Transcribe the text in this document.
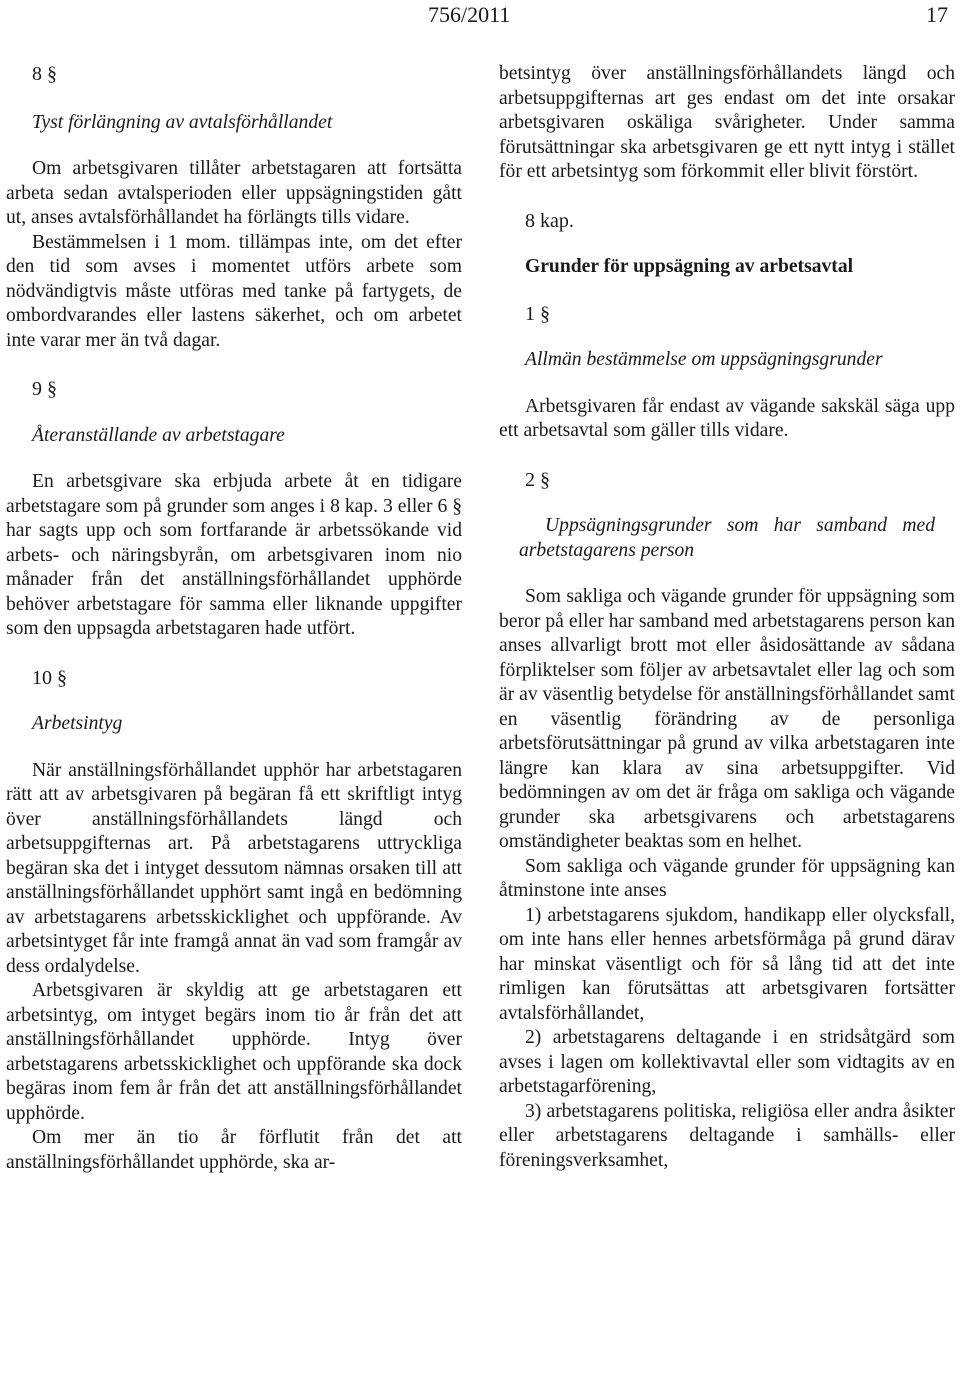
756/2011	17

8 §

Tyst förlängning av avtalsförhållandet

Om arbetsgivaren tillåter arbetstagaren att fortsätta arbeta sedan avtalsperioden eller uppsägningstiden gått ut, anses avtalsförhållandet ha förlängts tills vidare.

Bestämmelsen i 1 mom. tillämpas inte, om det efter den tid som avses i momentet utförs arbete som nödvändigtvis måste utföras med tanke på fartygets, de ombordvarandes eller lastens säkerhet, och om arbetet inte varar mer än två dagar.

9 §

Återanställande av arbetstagare

En arbetsgivare ska erbjuda arbete åt en tidigare arbetstagare som på grunder som anges i 8 kap. 3 eller 6 § har sagts upp och som fortfarande är arbetssökande vid arbets- och näringsbyrån, om arbetsgivaren inom nio månader från det anställningsförhållandet upphörde behöver arbetstagare för samma eller liknande uppgifter som den uppsagda arbetstagaren hade utfört.

10 §

Arbetsintyg

När anställningsförhållandet upphör har arbetstagaren rätt att av arbetsgivaren på begäran få ett skriftligt intyg över anställningsförhållandets längd och arbetsuppgifternas art. På arbetstagarens uttryckliga begäran ska det i intyget dessutom nämnas orsaken till att anställningsförhållandet upphört samt ingå en bedömning av arbetstagarens arbetsskicklighet och uppförande. Av arbetsintyget får inte framgå annat än vad som framgår av dess ordalydelse.

Arbetsgivaren är skyldig att ge arbetstagaren ett arbetsintyg, om intyget begärs inom tio år från det att anställningsförhållandet upphörde. Intyg över arbetstagarens arbetsskicklighet och uppförande ska dock begäras inom fem år från det att anställningsförhållandet upphörde.

Om mer än tio år förflutit från det att anställningsförhållandet upphörde, ska ar-

betsintyg över anställningsförhållandets längd och arbetsuppgifternas art ges endast om det inte orsakar arbetsgivaren oskäliga svårigheter. Under samma förutsättningar ska arbetsgivaren ge ett nytt intyg i stället för ett arbetsintyg som förkommit eller blivit förstört.

8 kap.

Grunder för uppsägning av arbetsavtal

1 §

Allmän bestämmelse om uppsägningsgrunder

Arbetsgivaren får endast av vägande sakskäl säga upp ett arbetsavtal som gäller tills vidare.

2 §

Uppsägningsgrunder som har samband med arbetstagarens person

Som sakliga och vägande grunder för uppsägning som beror på eller har samband med arbetstagarens person kan anses allvarligt brott mot eller åsidosättande av sådana förpliktelser som följer av arbetsavtalet eller lag och som är av väsentlig betydelse för anställningsförhållandet samt en väsentlig förändring av de personliga arbetsförutsättningar på grund av vilka arbetstagaren inte längre kan klara av sina arbetsuppgifter. Vid bedömningen av om det är fråga om sakliga och vägande grunder ska arbetsgivarens och arbetstagarens omständigheter beaktas som en helhet.

Som sakliga och vägande grunder för uppsägning kan åtminstone inte anses

1) arbetstagarens sjukdom, handikapp eller olycksfall, om inte hans eller hennes arbetsförmåga på grund därav har minskat väsentligt och för så lång tid att det inte rimligen kan förutsättas att arbetsgivaren fortsätter avtalsförhållandet,

2) arbetstagarens deltagande i en stridsåtgärd som avses i lagen om kollektivavtal eller som vidtagits av en arbetstagarförening,

3) arbetstagarens politiska, religiösa eller andra åsikter eller arbetstagarens deltagande i samhälls- eller föreningsverksamhet,
